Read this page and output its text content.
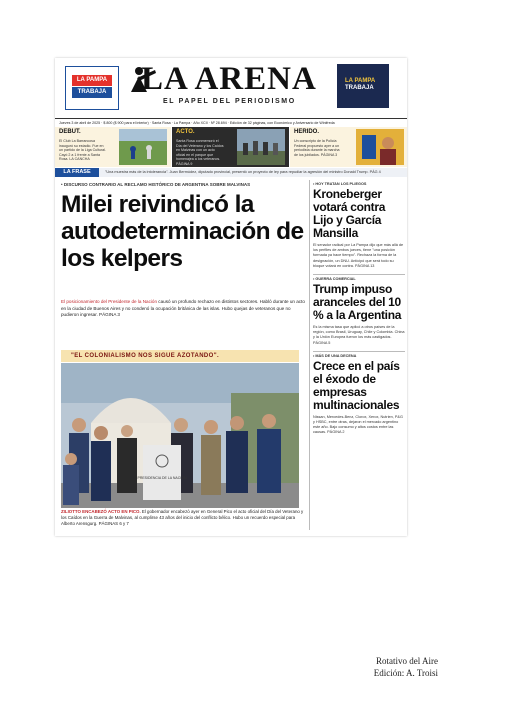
LA PAMPA
TRABAJA LA ARENA
EL PAPEL DEL PERIODISMO
LA PAMPA
TRABAJA
Jueves 3 de abril de 2025 · $ 800 ($ 900 para el interior) · Santa Rosa · La Pampa · Año XCII · Nº 28.694 · Edición de 32 páginas, con Económico y Aniversario de Winifreda
DEBUT.
El Club La Barrancosa inauguró su estadio. Fue en un partido de la Liga Cultural. Cayó 2 a 1 frente a Santa Rosa. LA CANCHA
ACTO.
Santa Rosa conmemoró el Día del Veterano y los Caídos en Malvinas con un acto oficial en el parque que homenajea a los veteranos. PÁGINA 9
HERIDO.
Un conscripto de la Policía Federal propuesto ayer a un periodista durante la marcha de los jubilados. PÁGINA 3
LA FRASE	"Una muestra más de la intolerancia". Juan Bermúdez, diputado provincial, presentó un proyecto de ley para repudiar la agresión del ministro Donald Trump. PÁG 4
• DISCURSO CONTRARIO AL RECLAMO HISTÓRICO DE ARGENTINA SOBRE MALVINAS
Milei reivindicó la autodeterminación de los kelpers
El posicionamiento del Presidente de la Nación causó un profundo rechazo en distintos sectores. Habló durante un acto en la ciudad de Buenos Aires y no condenó la ocupación británica de las islas. Hubo quejas de veteranos que no pudieron ingresar. PÁGINA 3
"EL COLONIALISMO NOS SIGUE AZOTANDO".
PRESIDENCIA DE LA NACIÓN
ZILIOTTO ENCABEZÓ ACTO EN PICO. El gobernador encabezó ayer en General Pico el acto oficial del Día del Veterano y los Caídos en la Guerra de Malvinas, al cumplirse 43 años del inicio del conflicto bélico. Hubo un recuerdo especial para Alberto Arensgurg. PÁGINAS 6 y 7
• HOY TRATAN LOS PLIEGOS
Kroneberger votará contra Lijo y García Mansilla
El senador radical por La Pampa dijo que más allá de los perfiles de ambos jueces, tiene "una posición formada ya hace tiempo". Rechaza la forma de la designación, un DNU. Anticipó que será todo su bloque votará en contra. PÁGINA 13
• GUERRA COMERCIAL
Trump impuso aranceles del 10 % a la Argentina
Es la misma tasa que aplicó a otros países de la región, como Brasil, Uruguay, Chile y Colombia. China y la Unión Europea fueron los más castigados. PÁGINA 5
• MÁS DE UNA DECENA
Crece en el país el éxodo de empresas multinacionales
Nissan, Mercedes-Benz, Clorox, Xerox, Nutrien, P&G y HSBC, entre otras, dejaron el mercado argentino este año. Bajo consumo y altos costos entre las causas. PÁGINA 2
Rotativo del Aire
Edición: A. Troisi
